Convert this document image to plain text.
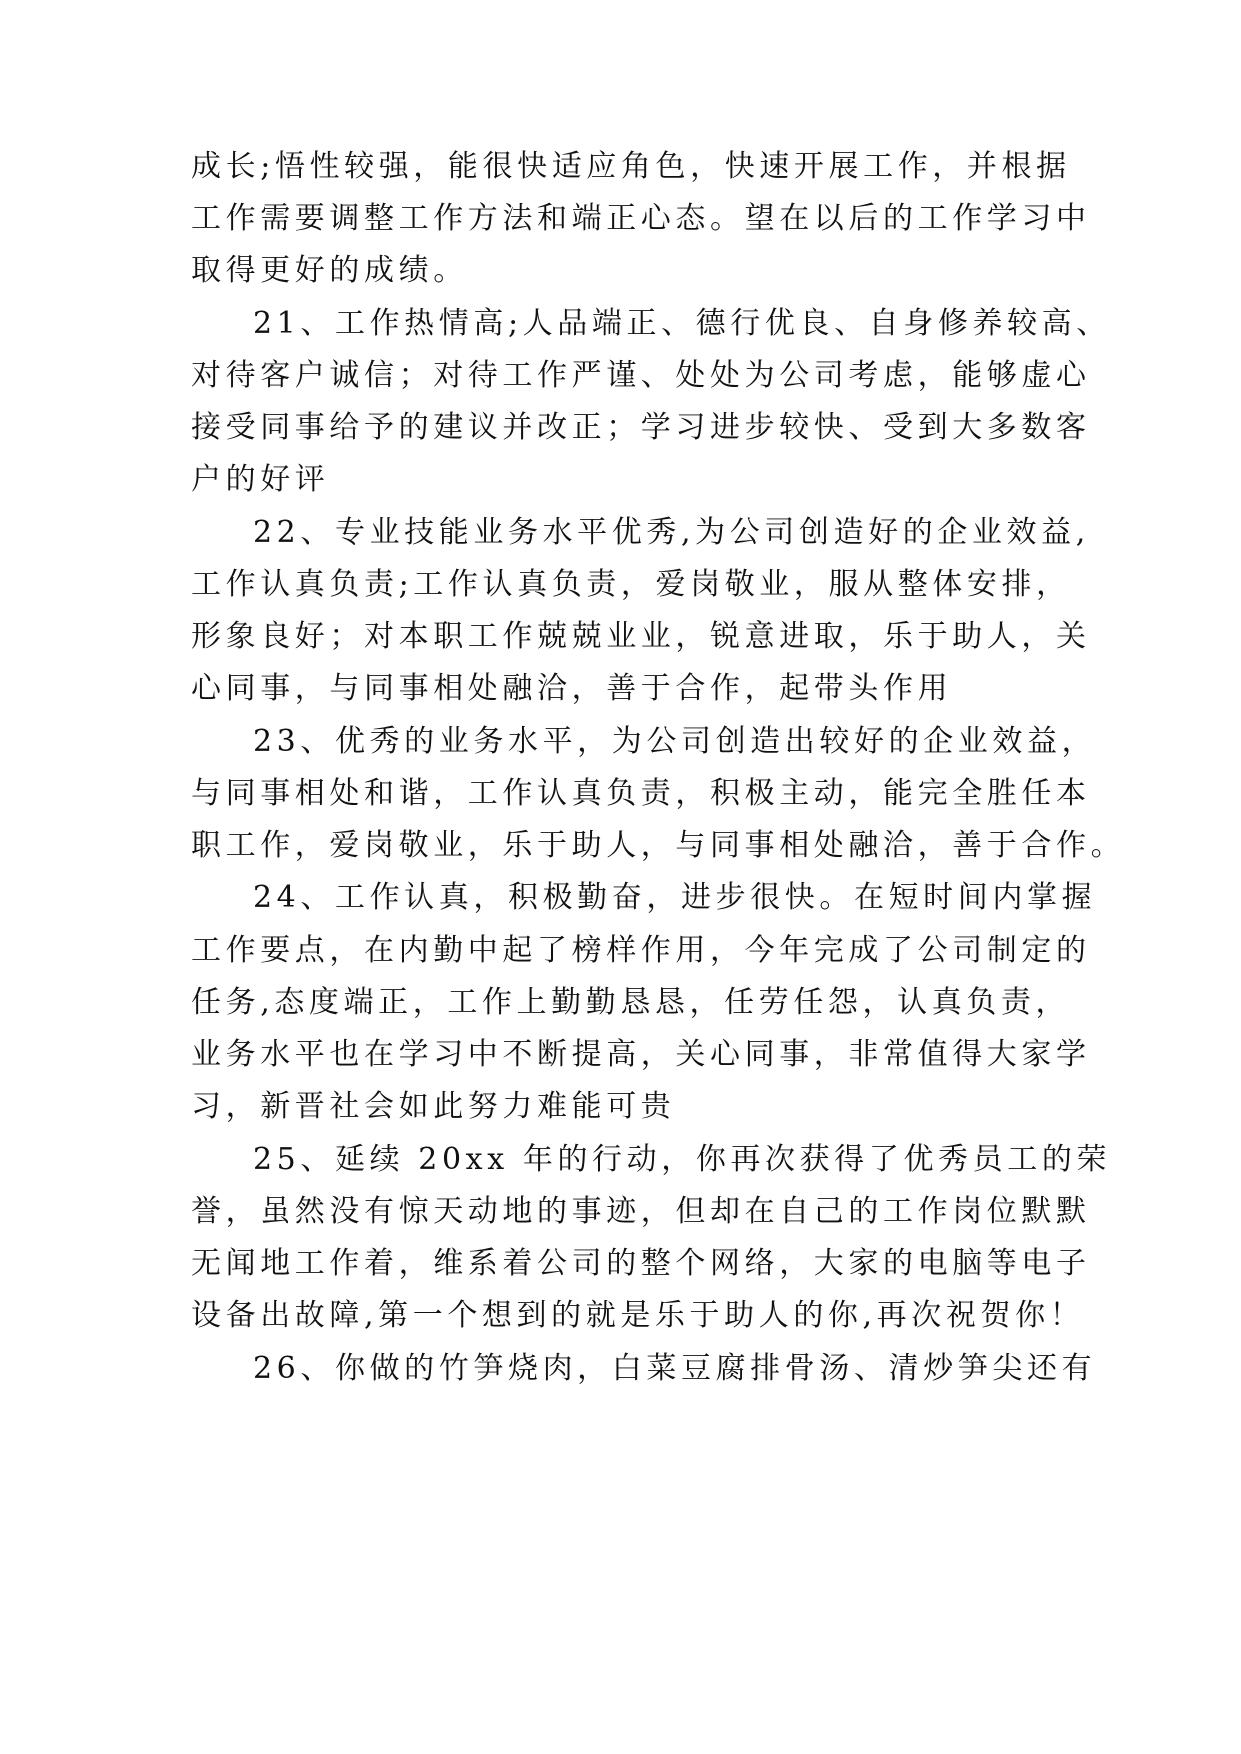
成长;悟性较强，能很快适应角色，快速开展工作，并根据
工作需要调整工作方法和端正心态。望在以后的工作学习中
取得更好的成绩。
21、工作热情高;人品端正、德行优良、自身修养较高、
对待客户诚信；对待工作严谨、处处为公司考虑，能够虚心
接受同事给予的建议并改正；学习进步较快、受到大多数客
户的好评
22、专业技能业务水平优秀,为公司创造好的企业效益,
工作认真负责;工作认真负责，爱岗敬业，服从整体安排，
形象良好；对本职工作兢兢业业，锐意进取，乐于助人，关
心同事，与同事相处融洽，善于合作，起带头作用
23、优秀的业务水平，为公司创造出较好的企业效益，
与同事相处和谐，工作认真负责，积极主动，能完全胜任本
职工作，爱岗敬业，乐于助人，与同事相处融洽，善于合作。
24、工作认真，积极勤奋，进步很快。在短时间内掌握
工作要点，在内勤中起了榜样作用，今年完成了公司制定的
任务,态度端正，工作上勤勤恳恳，任劳任怨，认真负责，
业务水平也在学习中不断提高，关心同事，非常值得大家学
习，新晋社会如此努力难能可贵
25、延续 20xx 年的行动，你再次获得了优秀员工的荣
誉，虽然没有惊天动地的事迹，但却在自己的工作岗位默默
无闻地工作着，维系着公司的整个网络，大家的电脑等电子
设备出故障,第一个想到的就是乐于助人的你,再次祝贺你！
26、你做的竹笋烧肉，白菜豆腐排骨汤、清炒笋尖还有
